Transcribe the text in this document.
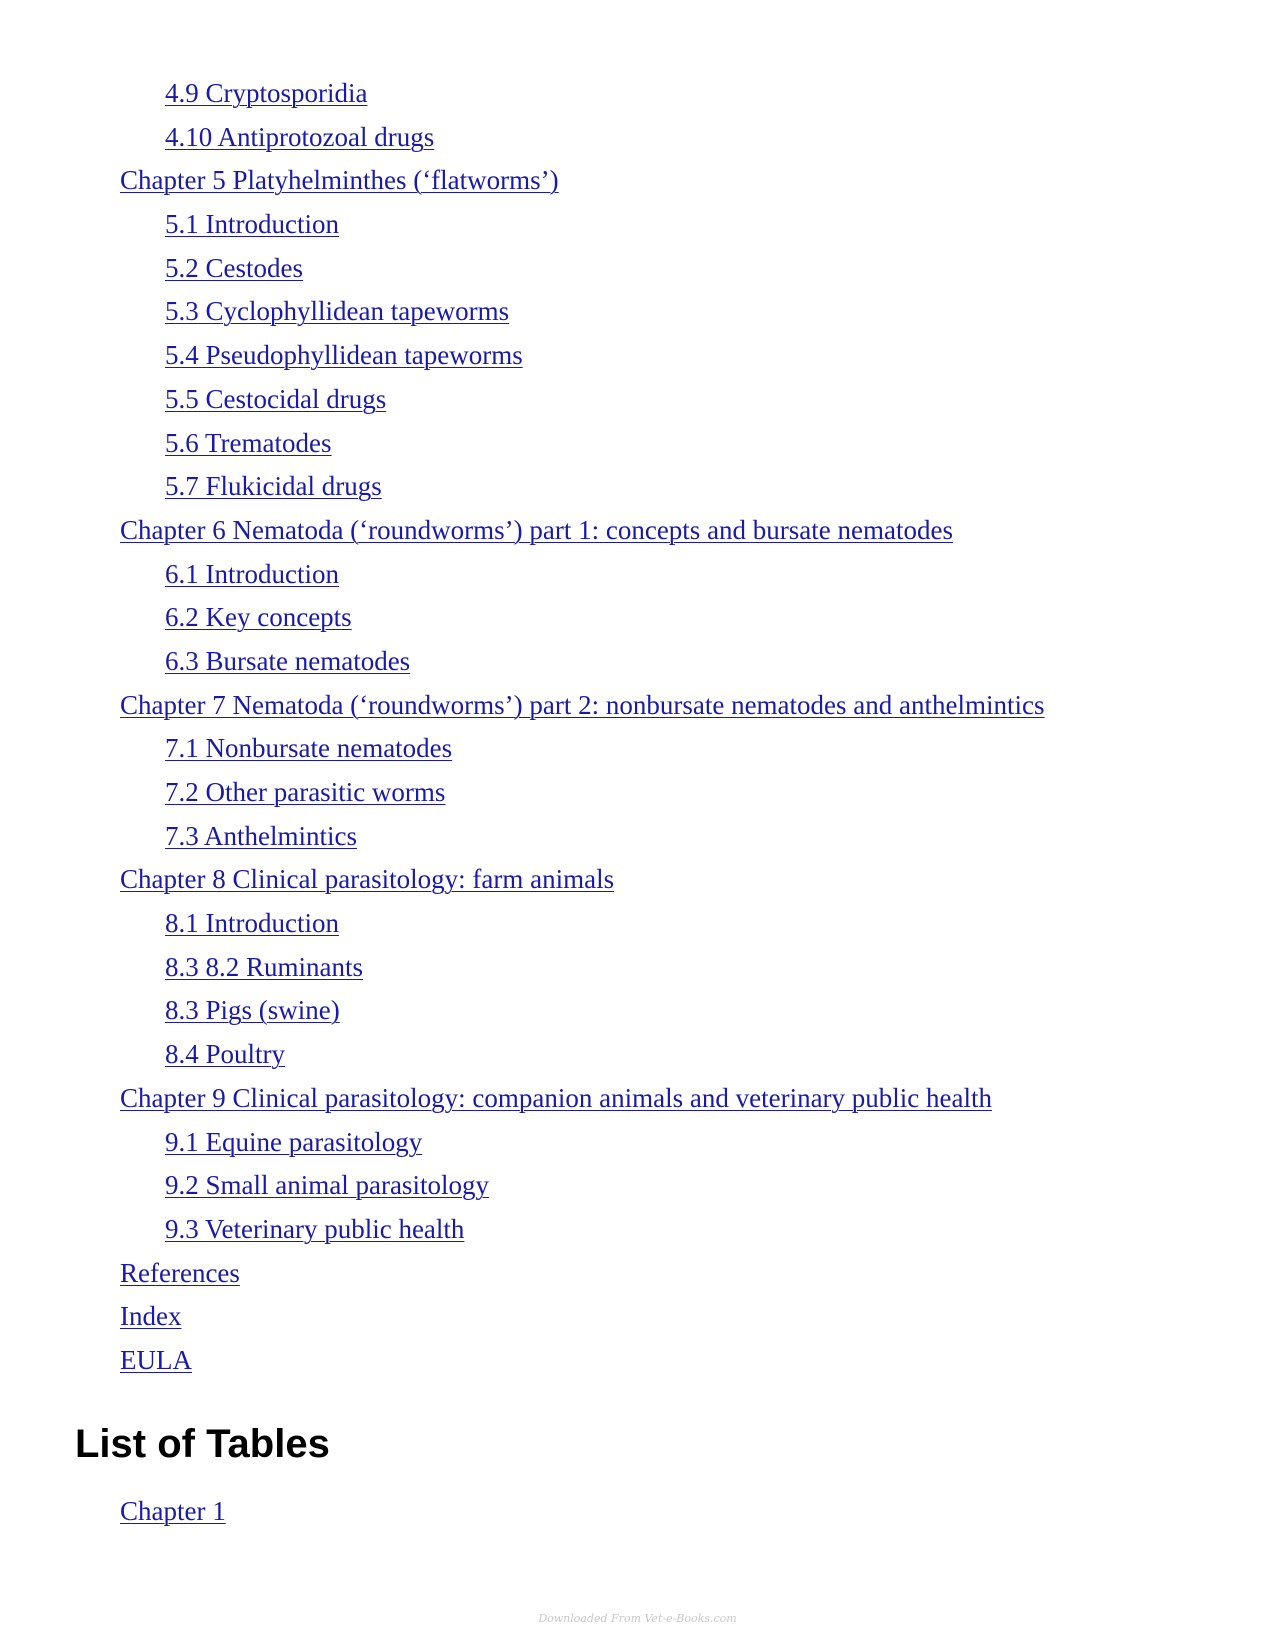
4.9 Cryptosporidia
4.10 Antiprotozoal drugs
Chapter 5 Platyhelminthes (‘flatworms’)
5.1 Introduction
5.2 Cestodes
5.3 Cyclophyllidean tapeworms
5.4 Pseudophyllidean tapeworms
5.5 Cestocidal drugs
5.6 Trematodes
5.7 Flukicidal drugs
Chapter 6 Nematoda (‘roundworms’) part 1: concepts and bursate nematodes
6.1 Introduction
6.2 Key concepts
6.3 Bursate nematodes
Chapter 7 Nematoda (‘roundworms’) part 2: nonbursate nematodes and anthelmintics
7.1 Nonbursate nematodes
7.2 Other parasitic worms
7.3 Anthelmintics
Chapter 8 Clinical parasitology: farm animals
8.1 Introduction
8.3 8.2 Ruminants
8.3 Pigs (swine)
8.4 Poultry
Chapter 9 Clinical parasitology: companion animals and veterinary public health
9.1 Equine parasitology
9.2 Small animal parasitology
9.3 Veterinary public health
References
Index
EULA
List of Tables
Chapter 1
Downloaded From Vet-e-Books.com
